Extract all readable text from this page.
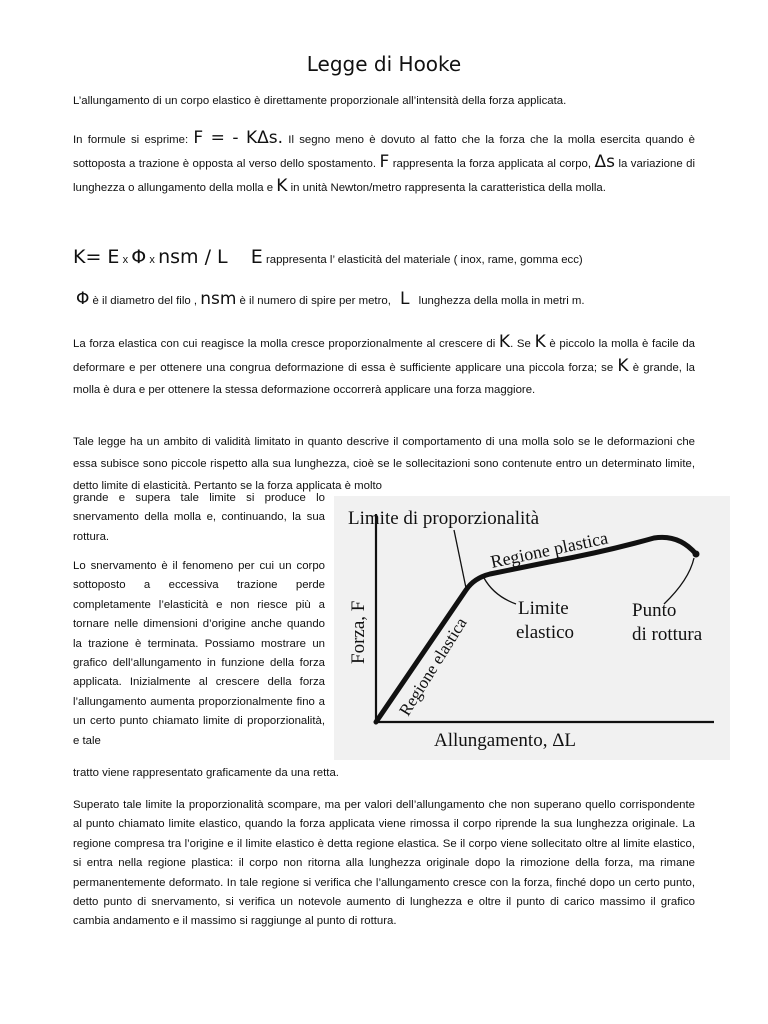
Legge di Hooke
L’allungamento di un corpo elastico è direttamente proporzionale all’intensità della forza applicata.
In formule si esprime: F = - KΔs. Il segno meno è dovuto al fatto che la forza che la molla esercita quando è sottoposta a trazione è opposta al verso dello spostamento. F rappresenta la forza applicata al corpo, Δs la variazione di lunghezza o allungamento della molla e K in unità Newton/metro rappresenta la caratteristica della molla.
K= E x Φ x nsm / L E rappresenta l’ elasticità del materiale ( inox, rame, gomma ecc)
Φ è il diametro del filo , nsm è il numero di spire per metro, L lunghezza della molla in metri m.
La forza elastica con cui reagisce la molla cresce proporzionalmente al crescere di K. Se K è piccolo la molla è facile da deformare e per ottenere una congrua deformazione di essa è sufficiente applicare una piccola forza; se K è grande, la molla è dura e per ottenere la stessa deformazione occorrerà applicare una forza maggiore.
Tale legge ha un ambito di validità limitato in quanto descrive il comportamento di una molla solo se le deformazioni che essa subisce sono piccole rispetto alla sua lunghezza, cioè se le sollecitazioni sono contenute entro un determinato limite, detto limite di elasticità. Pertanto se la forza applicata è molto
grande e supera tale limite si produce lo snervamento della molla e, continuando, la sua rottura.
Lo snervamento è il fenomeno per cui un corpo sottoposto a eccessiva trazione perde completamente l’elasticità e non riesce più a tornare nelle dimensioni d’origine anche quando la trazione è terminata. Possiamo mostrare un grafico dell’allungamento in funzione della forza applicata. Inizialmente al crescere della forza l’allungamento aumenta proporzionalmente fino a un certo punto chiamato limite di proporzionalità, e tale
tratto viene rappresentato graficamente da una retta.
Superato tale limite la proporzionalità scompare, ma per valori dell’allungamento che non superano quello corrispondente al punto chiamato limite elastico, quando la forza applicata viene rimossa il corpo riprende la sua lunghezza originale. La regione compresa tra l’origine e il limite elastico è detta regione elastica. Se il corpo viene sollecitato oltre al limite elastico, si entra nella regione plastica: il corpo non ritorna alla lunghezza originale dopo la rimozione della forza, ma rimane permanentemente deformato. In tale regione si verifica che l’allungamento cresce con la forza, finché dopo un certo punto, detto punto di snervamento, si verifica un notevole aumento di lunghezza e oltre il punto di carico massimo il grafico cambia andamento e il massimo si raggiunge al punto di rottura.
Limite di proporzionalità
Regione plastica
Regione elastica
Limite
elastico
Punto
di rottura
Forza, F
Allungamento, ΔL
